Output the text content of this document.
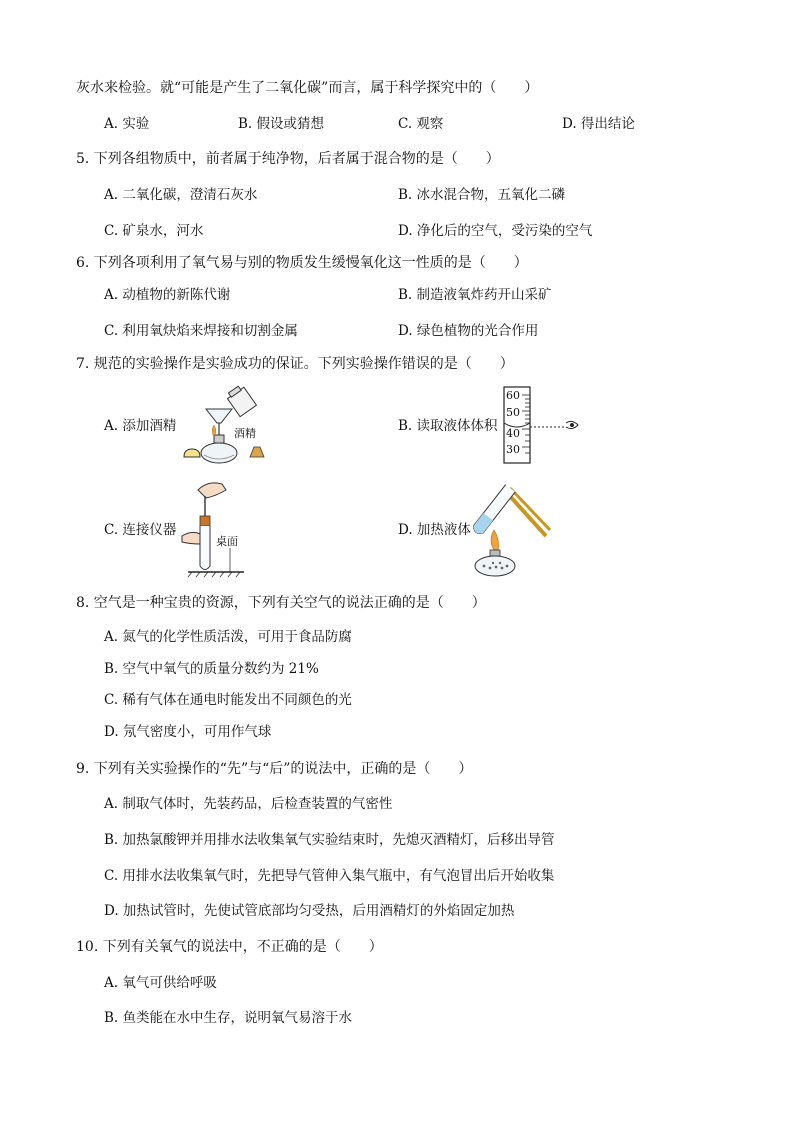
灰水来检验。就“可能是产生了二氧化碳”而言，属于科学探究中的（　　）
A. 实验	B. 假设或猜想	C. 观察	D. 得出结论
5. 下列各组物质中，前者属于纯净物，后者属于混合物的是（　　）
A. 二氧化碳，澄清石灰水	B. 冰水混合物，五氧化二磷
C. 矿泉水，河水	D. 净化后的空气，受污染的空气
6. 下列各项利用了氧气易与别的物质发生缓慢氧化这一性质的是（　　）
A. 动植物的新陈代谢	B. 制造液氧炸药开山采矿
C. 利用氧炔焰来焊接和切割金属	D. 绿色植物的光合作用
7. 规范的实验操作是实验成功的保证。下列实验操作错误的是（　　）
A. 添加酒精	B. 读取液体体积
C. 连接仪器	D. 加热液体
酒精
60
50
40
30
桌面
8. 空气是一种宝贵的资源，下列有关空气的说法正确的是（　　）
A. 氮气的化学性质活泼，可用于食品防腐
B. 空气中氧气的质量分数约为 21%
C. 稀有气体在通电时能发出不同颜色的光
D. 氖气密度小，可用作气球
9. 下列有关实验操作的“先”与“后”的说法中，正确的是（　　）
A. 制取气体时，先装药品，后检查装置的气密性
B. 加热氯酸钾并用排水法收集氧气实验结束时，先熄灭酒精灯，后移出导管
C. 用排水法收集氧气时，先把导气管伸入集气瓶中，有气泡冒出后开始收集
D. 加热试管时，先使试管底部均匀受热，后用酒精灯的外焰固定加热
10. 下列有关氧气的说法中，不正确的是（　　）
A. 氧气可供给呼吸
B. 鱼类能在水中生存，说明氧气易溶于水
